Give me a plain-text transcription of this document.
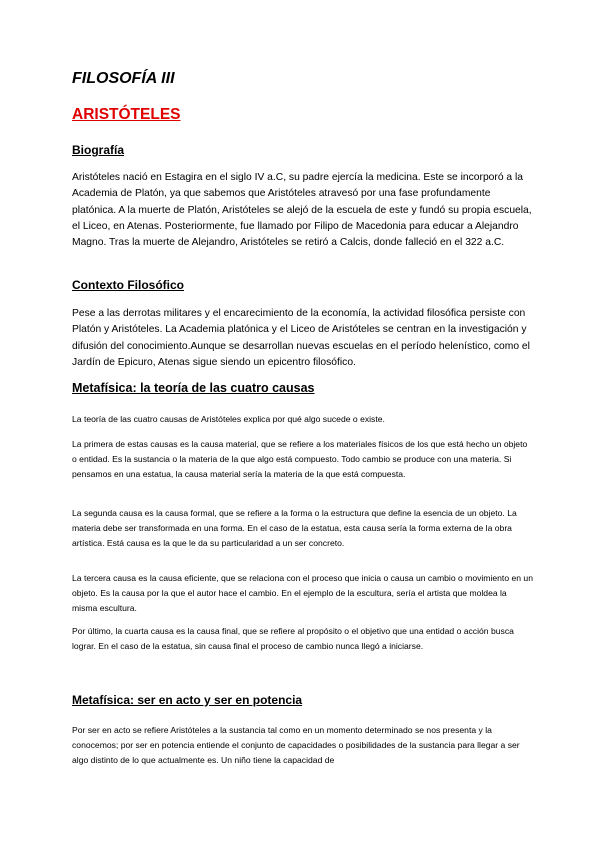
FILOSOFÍA III
ARISTÓTELES
Biografía

Aristóteles nació en Estagira en el siglo IV a.C, su padre ejercía la medicina. Este se incorporó a la Academia de Platón, ya que sabemos que Aristóteles atravesó por una fase profundamente platónica. A la muerte de Platón, Aristóteles se alejó de la escuela de este y fundó su propia escuela, el Liceo, en Atenas. Posteriormente, fue llamado por Filipo de Macedonia para educar a Alejandro Magno. Tras la muerte de Alejandro, Aristóteles se retiró a Calcis, donde falleció en el 322 a.C.

Contexto Filosófico

Pese a las derrotas militares y el encarecimiento de la economía, la actividad filosófica persiste con Platón y Aristóteles. La Academia platónica y el Liceo de Aristóteles se centran en la investigación y difusión del conocimiento.Aunque se desarrollan nuevas escuelas en el período helenístico, como el Jardín de Epicuro, Atenas sigue siendo un epicentro filosófico.

Metafísica: la teoría de las cuatro causas

La teoría de las cuatro causas de Aristóteles explica por qué algo sucede o existe.

La primera de estas causas es la causa material, que se refiere a los materiales físicos de los que está hecho un objeto o entidad. Es la sustancia o la materia de la que algo está compuesto. Todo cambio se produce con una materia. Si pensamos en una estatua, la causa material sería la materia de la que está compuesta.

La segunda causa es la causa formal, que se refiere a la forma o la estructura que define la esencia de un objeto. La materia debe ser transformada en una forma. En el caso de la estatua, esta causa sería la forma externa de la obra artística. Está causa es la que le da su particularidad a un ser concreto.

La tercera causa es la causa eficiente, que se relaciona con el proceso que inicia o causa un cambio o movimiento en un objeto. Es la causa por la que el autor hace el cambio. En el ejemplo de la escultura, sería el artista que moldea la misma escultura.

Por último, la cuarta causa es la causa final, que se refiere al propósito o el objetivo que una entidad o acción busca lograr. En el caso de la estatua, sin causa final el proceso de cambio nunca llegó a iniciarse.

Metafísica: ser en acto y ser en potencia

Por ser en acto se refiere Aristóteles a la sustancia tal como en un momento determinado se nos presenta y la conocemos; por ser en potencia entiende el conjunto de capacidades o posibilidades de la sustancia para llegar a ser algo distinto de lo que actualmente es. Un niño tiene la capacidad de
